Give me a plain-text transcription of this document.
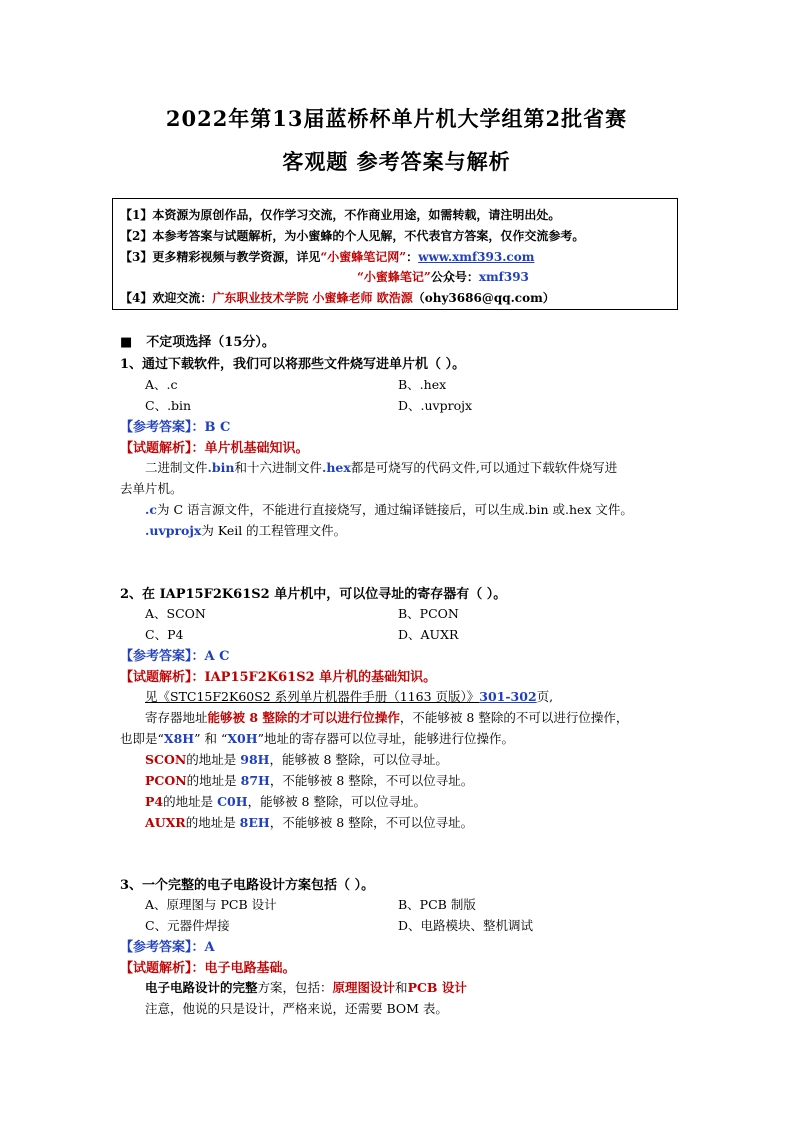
2022年第13届蓝桥杯单片机大学组第2批省赛
客观题 参考答案与解析
【1】本资源为原创作品，仅作学习交流，不作商业用途，如需转载，请注明出处。
【2】本参考答案与试题解析，为小蜜蜂的个人见解，不代表官方答案，仅作交流参考。
【3】更多精彩视频与教学资源，详见“小蜜蜂笔记网”：www.xmf393.com
“小蜜蜂笔记”公众号：xmf393
【4】欢迎交流：广东职业技术学院 小蜜蜂老师 欧浩源（ohy3686@qq.com）
■ 不定项选择（15分）。
1、通过下载软件，我们可以将那些文件烧写进单片机（ ）。
A、.c	B、.hex
C、.bin	D、.uvprojx
【参考答案】：B C
【试题解析】：单片机基础知识。
二进制文件.bin和十六进制文件.hex都是可烧写的代码文件,可以通过下载软件烧写进
去单片机。
.c为 C 语言源文件，不能进行直接烧写，通过编译链接后，可以生成.bin 或.hex 文件。
.uvprojx为 Keil 的工程管理文件。
2、在 IAP15F2K61S2 单片机中，可以位寻址的寄存器有（ ）。
A、SCON	B、PCON
C、P4	D、AUXR
【参考答案】：A C
【试题解析】：IAP15F2K61S2 单片机的基础知识。
见《STC15F2K60S2 系列单片机器件手册（1163 页版）》301-302页,
寄存器地址能够被 8 整除的才可以进行位操作，不能够被 8 整除的不可以进行位操作，
也即是“X8H” 和 “X0H”地址的寄存器可以位寻址，能够进行位操作。
SCON的地址是 98H，能够被 8 整除，可以位寻址。
PCON的地址是 87H，不能够被 8 整除，不可以位寻址。
P4的地址是 C0H，能够被 8 整除，可以位寻址。
AUXR的地址是 8EH，不能够被 8 整除，不可以位寻址。
3、一个完整的电子电路设计方案包括（ ）。
A、原理图与 PCB 设计	B、PCB 制版
C、元器件焊接	D、电路模块、整机调试
【参考答案】：A
【试题解析】：电子电路基础。
电子电路设计的完整方案，包括：原理图设计和PCB 设计
注意，他说的只是设计，严格来说，还需要 BOM 表。
